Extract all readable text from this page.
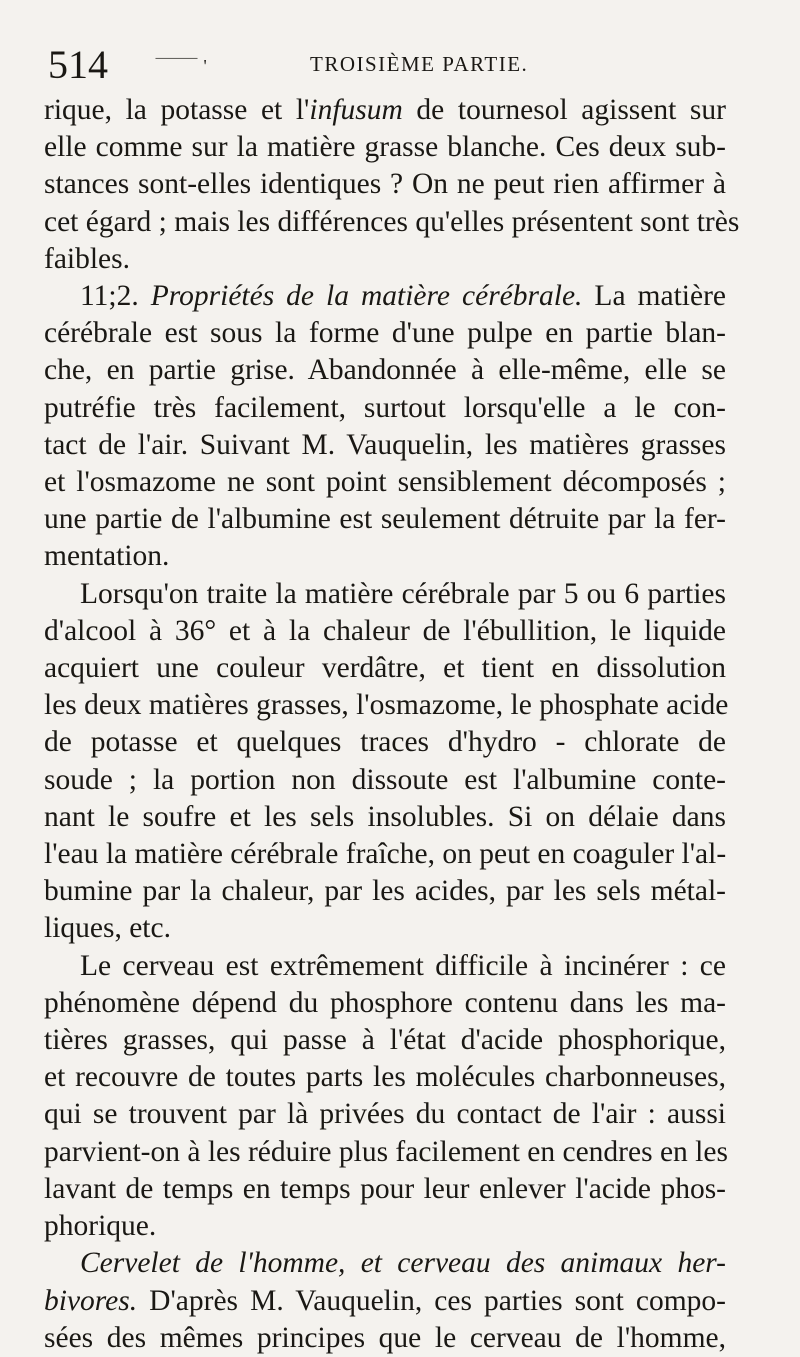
514	‾‾‾‾‾‾ '	TROISIÈME PARTIE.
rique, la potasse et l'infusum de tournesol agissent sur
elle comme sur la matière grasse blanche. Ces deux sub-
stances sont-elles identiques ? On ne peut rien affirmer à
cet égard ; mais les différences qu'elles présentent sont très
faibles.
11;2. Propriétés de la matière cérébrale. La matière
cérébrale est sous la forme d'une pulpe en partie blan-
che, en partie grise. Abandonnée à elle-même, elle se
putréfie très facilement, surtout lorsqu'elle a le con-
tact de l'air. Suivant M. Vauquelin, les matières grasses
et l'osmazome ne sont point sensiblement décomposés ;
une partie de l'albumine est seulement détruite par la fer-
mentation.
Lorsqu'on traite la matière cérébrale par 5 ou 6 parties
d'alcool à 36° et à la chaleur de l'ébullition, le liquide
acquiert une couleur verdâtre, et tient en dissolution
les deux matières grasses, l'osmazome, le phosphate acide
de potasse et quelques traces d'hydro - chlorate de
soude ; la portion non dissoute est l'albumine conte-
nant le soufre et les sels insolubles. Si on délaie dans
l'eau la matière cérébrale fraîche, on peut en coaguler l'al-
bumine par la chaleur, par les acides, par les sels métal-
liques, etc.
Le cerveau est extrêmement difficile à incinérer : ce
phénomène dépend du phosphore contenu dans les ma-
tières grasses, qui passe à l'état d'acide phosphorique,
et recouvre de toutes parts les molécules charbonneuses,
qui se trouvent par là privées du contact de l'air : aussi
parvient-on à les réduire plus facilement en cendres en les
lavant de temps en temps pour leur enlever l'acide phos-
phorique.
Cervelet de l'homme, et cerveau des animaux her-
bivores. D'après M. Vauquelin, ces parties sont compo-
sées des mêmes principes que le cerveau de l'homme,
